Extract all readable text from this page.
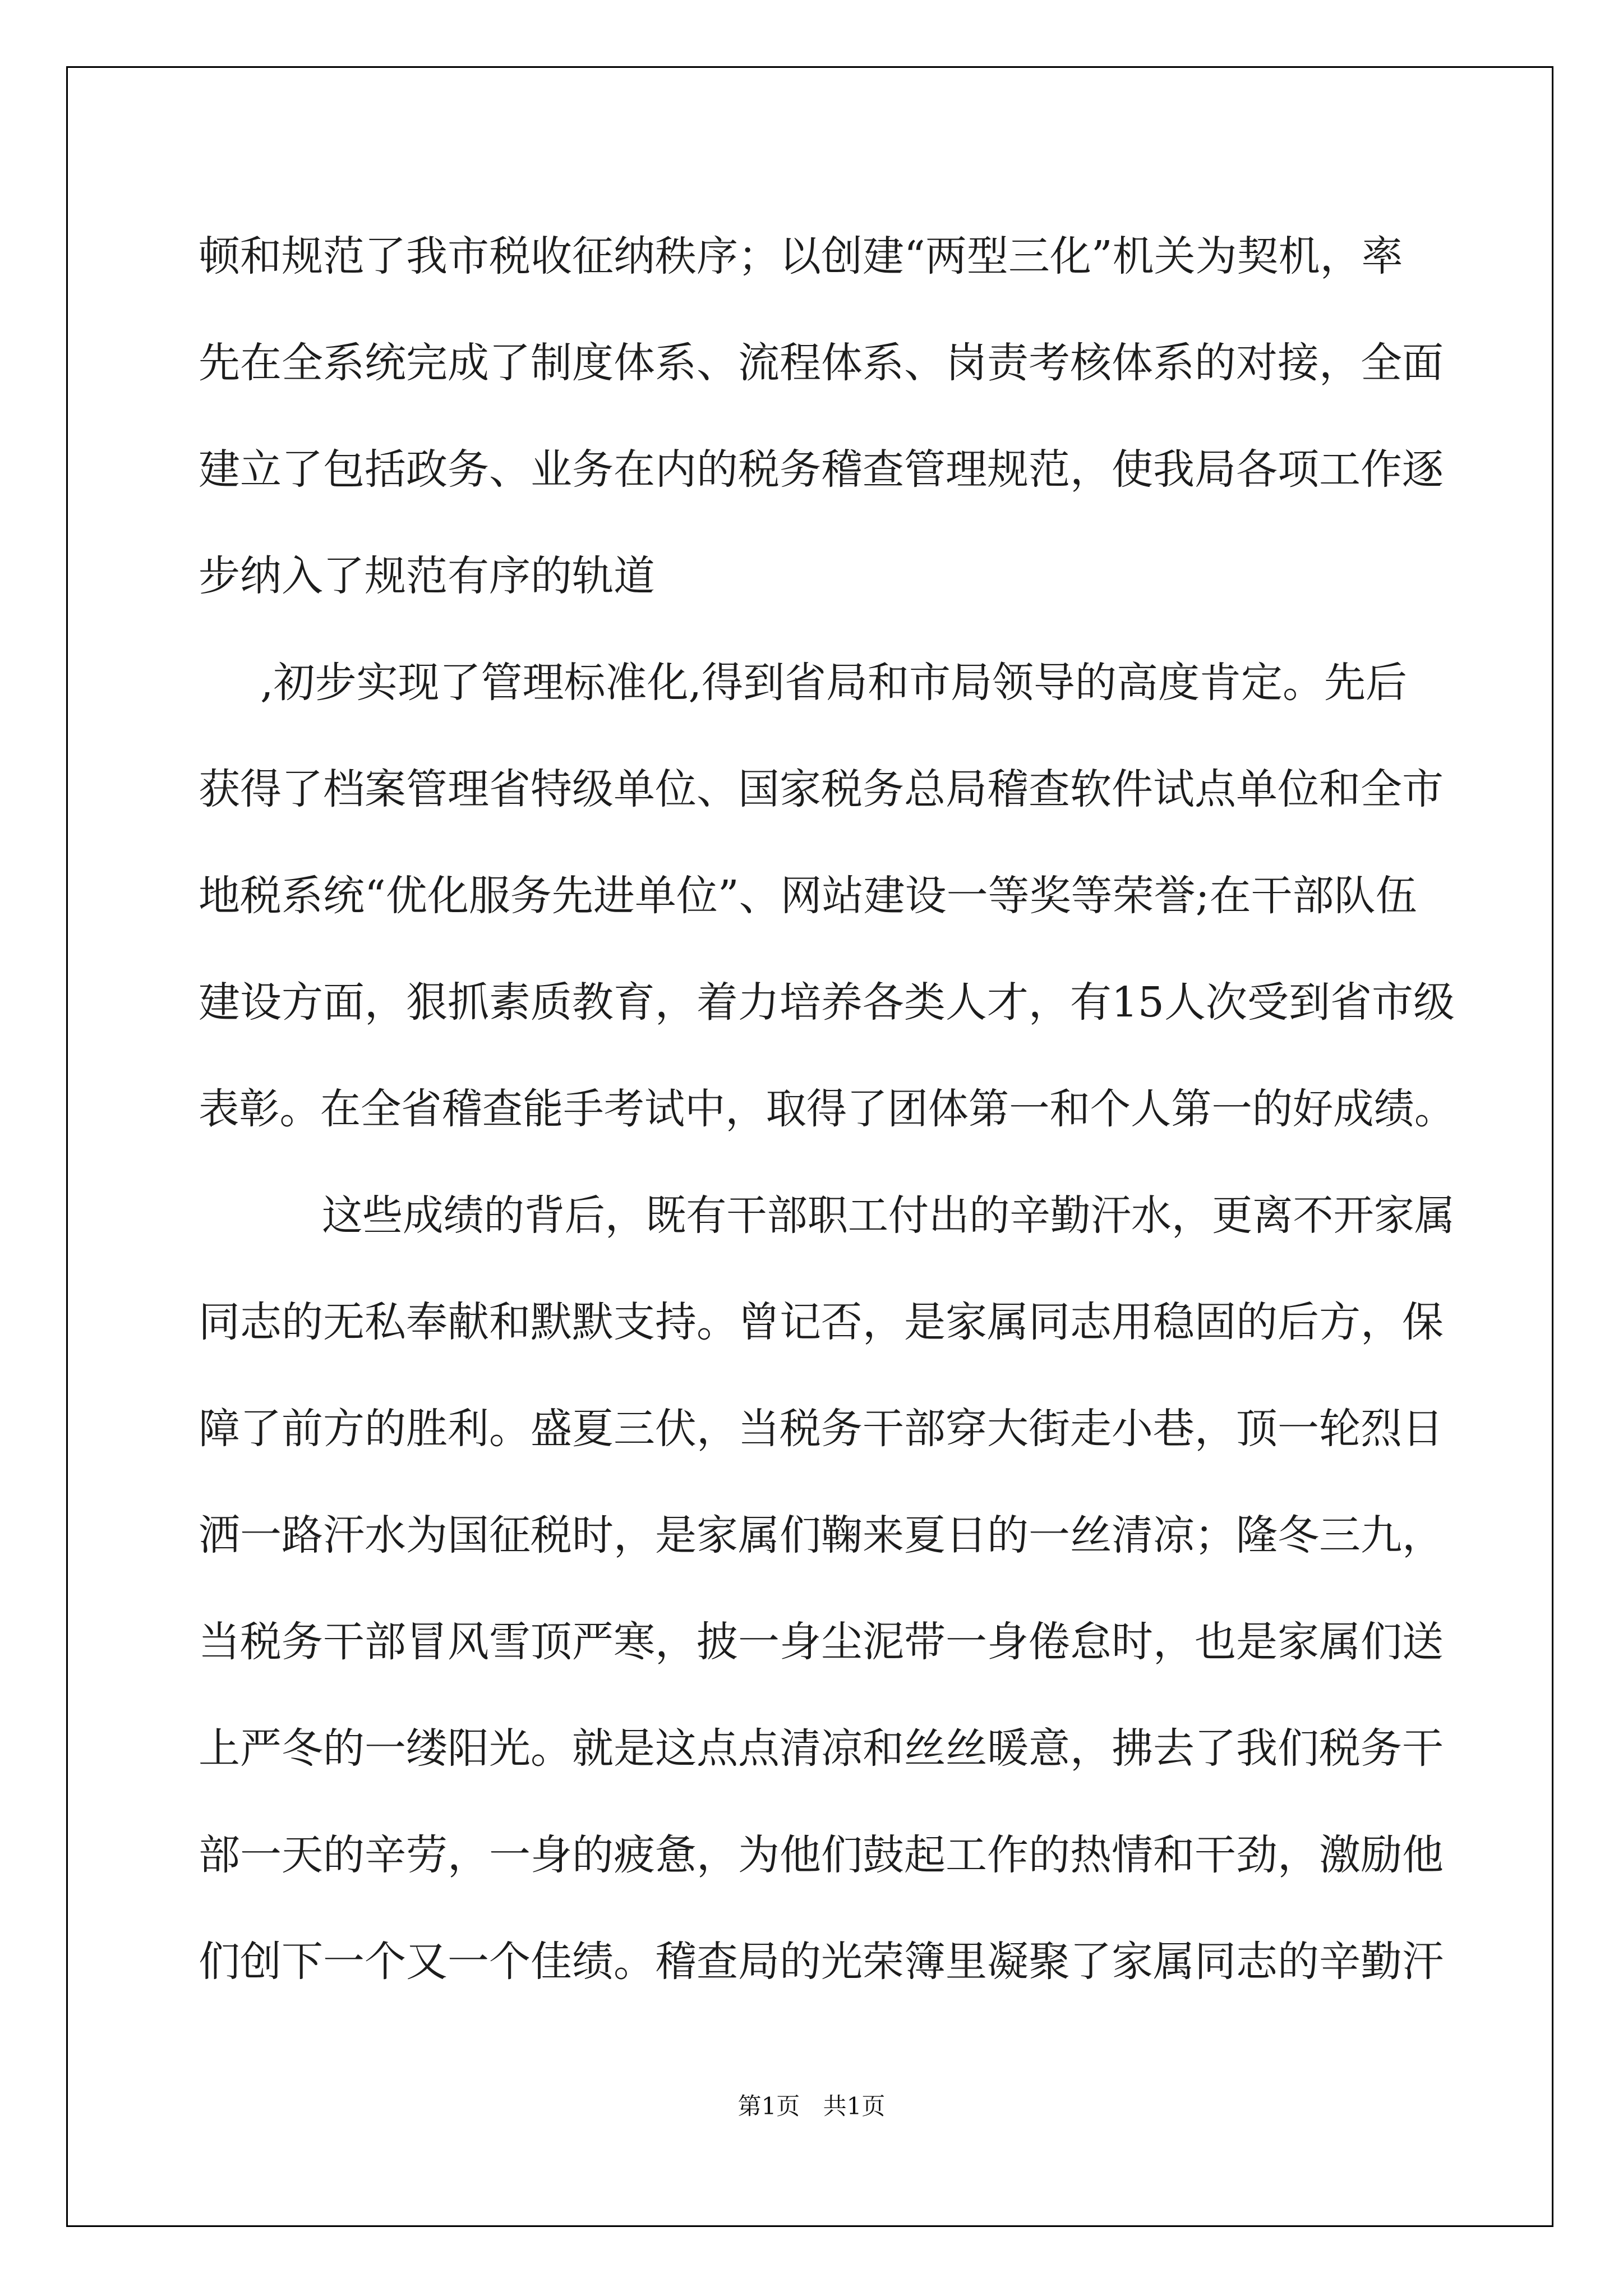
顿和规范了我市税收征纳秩序；以创建“两型三化”机关为契机，率
先在全系统完成了制度体系、流程体系、岗责考核体系的对接，全面
建立了包括政务、业务在内的税务稽查管理规范，使我局各项工作逐
步纳入了规范有序的轨道
,初步实现了管理标准化,得到省局和市局领导的高度肯定。先后
获得了档案管理省特级单位、国家税务总局稽查软件试点单位和全市
地税系统“优化服务先进单位”、网站建设一等奖等荣誉;在干部队伍
建设方面，狠抓素质教育，着力培养各类人才，有15人次受到省市级
表彰。在全省稽查能手考试中，取得了团体第一和个人第一的好成绩。
这些成绩的背后，既有干部职工付出的辛勤汗水，更离不开家属
同志的无私奉献和默默支持。曾记否，是家属同志用稳固的后方，保
障了前方的胜利。盛夏三伏，当税务干部穿大街走小巷，顶一轮烈日
洒一路汗水为国征税时，是家属们鞠来夏日的一丝清凉；隆冬三九，
当税务干部冒风雪顶严寒，披一身尘泥带一身倦怠时，也是家属们送
上严冬的一缕阳光。就是这点点清凉和丝丝暖意，拂去了我们税务干
部一天的辛劳，一身的疲惫，为他们鼓起工作的热情和干劲，激励他
们创下一个又一个佳绩。稽查局的光荣簿里凝聚了家属同志的辛勤汗
第1页 共1页
